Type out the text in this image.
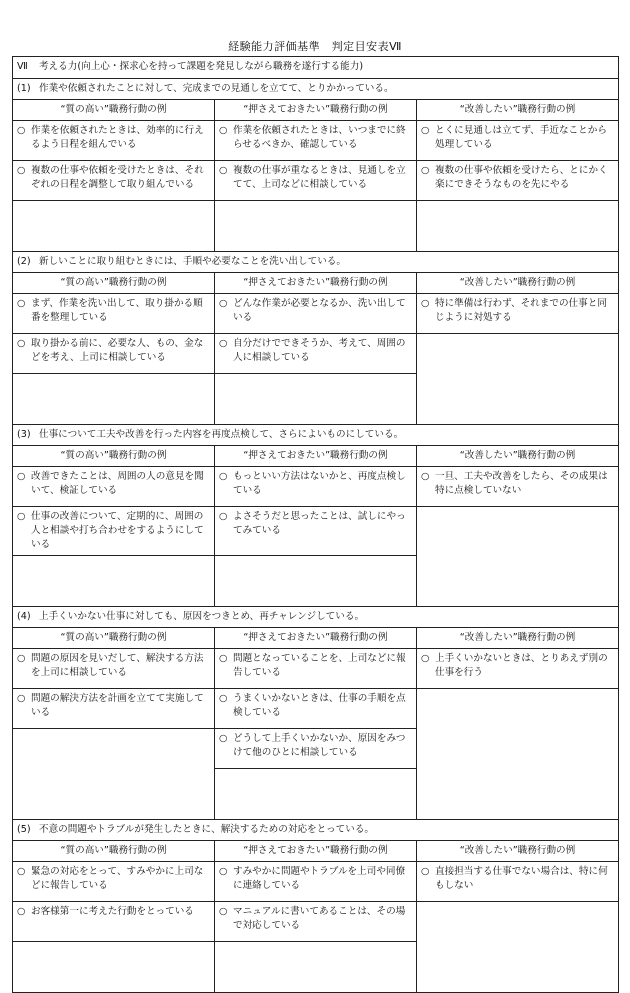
経験能力評価基準　判定目安表Ⅶ
Ⅶ 考える力(向上心・探求心を持って課題を発見しながら職務を遂行する能力)		
(1) 作業や依頼されたことに対して、完成までの見通しを立てて、とりかかっている。		
“質の高い”職務行動の例	“押さえておきたい”職務行動の例	“改善したい”職務行動の例

○ 作業を依頼されたときは、効率的に行えるよう日程を組んでいる	○ 作業を依頼されたときは、いつまでに終らせるべきか、確認している	○ とくに見通しは立てず、手近なことから処理している

○ 複数の仕事や依頼を受けたときは、それぞれの日程を調整して取り組んでいる	○ 複数の仕事が重なるときは、見通しを立てて、上司などに相談している	○ 複数の仕事や依頼を受けたら、とにかく楽にできそうなものを先にやる

(2) 新しいことに取り組むときには、手順や必要なことを洗い出している。		
“質の高い”職務行動の例	“押さえておきたい”職務行動の例	“改善したい”職務行動の例

○ まず、作業を洗い出して、取り掛かる順番を整理している	○ どんな作業が必要となるか、洗い出している	○ 特に準備は行わず、それまでの仕事と同じように対処する

○ 取り掛かる前に、必要な人、もの、金などを考え、上司に相談している	○ 自分だけでできそうか、考えて、周囲の人に相談している	

(3) 仕事について工夫や改善を行った内容を再度点検して、さらによいものにしている。		
“質の高い”職務行動の例	“押さえておきたい”職務行動の例	“改善したい”職務行動の例

○ 改善できたことは、周囲の人の意見を聞いて、検証している	○ もっといい方法はないかと、再度点検している	○ 一旦、工夫や改善をしたら、その成果は特に点検していない

○ 仕事の改善について、定期的に、周囲の人と相談や打ち合わせをするようにしている	○ よさそうだと思ったことは、試しにやってみている	

(4) 上手くいかない仕事に対しても、原因をつきとめ、再チャレンジしている。		
“質の高い”職務行動の例	“押さえておきたい”職務行動の例	“改善したい”職務行動の例

○ 問題の原因を見いだして、解決する方法を上司に相談している	○ 問題となっていることを、上司などに報告している	○ 上手くいかないときは、とりあえず別の仕事を行う

○ 問題の解決方法を計画を立てて実施している	○ うまくいかないときは、仕事の手順を点検している	

	○ どうして上手くいかないか、原因をみつけて他のひとに相談している	

(5) 不意の問題やトラブルが発生したときに、解決するための対応をとっている。		
“質の高い”職務行動の例	“押さえておきたい”職務行動の例	“改善したい”職務行動の例

○ 緊急の対応をとって、すみやかに上司などに報告している	○ すみやかに問題やトラブルを上司や同僚に連絡している	○ 直接担当する仕事でない場合は、特に何もしない

○ お客様第一に考えた行動をとっている	○ マニュアルに書いてあることは、その場で対応している	
